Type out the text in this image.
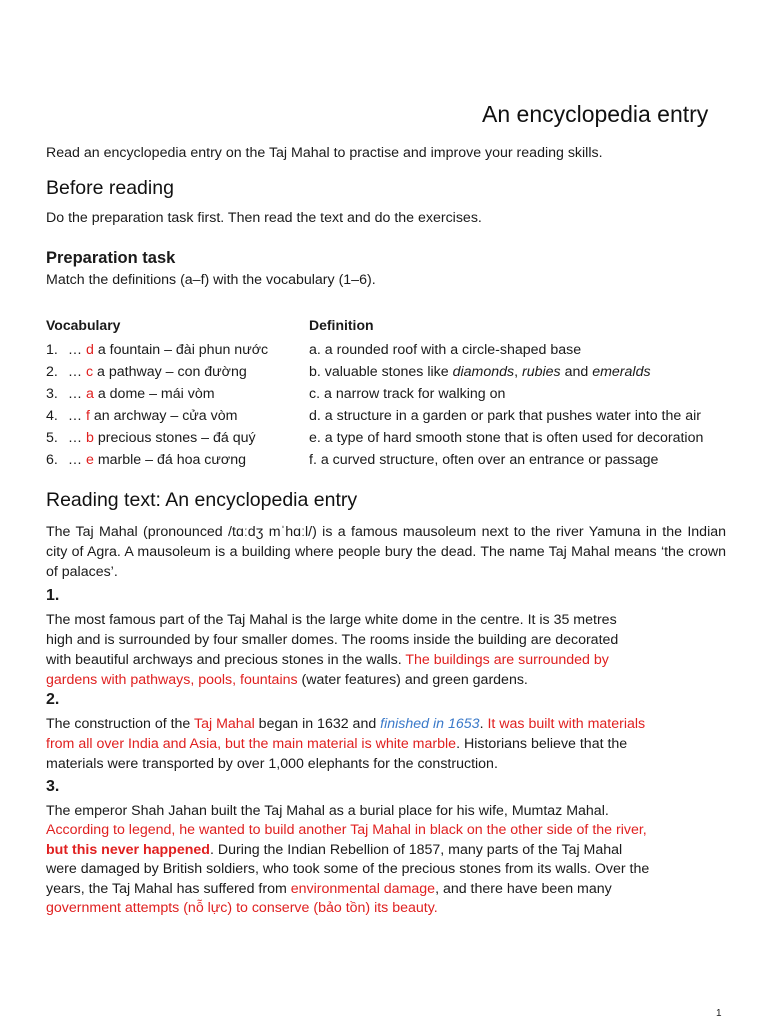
An encyclopedia entry
Read an encyclopedia entry on the Taj Mahal to practise and improve your reading skills.
Before reading
Do the preparation task first. Then read the text and do the exercises.
Preparation task
Match the definitions (a–f) with the vocabulary (1–6).
Vocabulary	Definition
1. … d a fountain – đài phun nước
2. … c a pathway – con đường
3. … a a dome – mái vòm
4. … f an archway – cửa vòm
5. … b precious stones – đá quý
6. … e marble – đá hoa cương
a. a rounded roof with a circle-shaped base
b. valuable stones like diamonds, rubies and emeralds
c. a narrow track for walking on
d. a structure in a garden or park that pushes water into the air
e. a type of hard smooth stone that is often used for decoration
f. a curved structure, often over an entrance or passage
Reading text: An encyclopedia entry
The Taj Mahal (pronounced /tɑːdʒ mˈhɑːl/) is a famous mausoleum next to the river Yamuna in the Indian city of Agra. A mausoleum is a building where people bury the dead. The name Taj Mahal means ‘the crown of palaces’.
1.
The most famous part of the Taj Mahal is the large white dome in the centre. It is 35 metres
high and is surrounded by four smaller domes. The rooms inside the building are decorated
with beautiful archways and precious stones in the walls. The buildings are surrounded by
gardens with pathways, pools, fountains (water features) and green gardens.
2.
The construction of the Taj Mahal began in 1632 and finished in 1653. It was built with materials
from all over India and Asia, but the main material is white marble. Historians believe that the
materials were transported by over 1,000 elephants for the construction.
3.
The emperor Shah Jahan built the Taj Mahal as a burial place for his wife, Mumtaz Mahal.
According to legend, he wanted to build another Taj Mahal in black on the other side of the river,
but this never happened. During the Indian Rebellion of 1857, many parts of the Taj Mahal
were damaged by British soldiers, who took some of the precious stones from its walls. Over the
years, the Taj Mahal has suffered from environmental damage, and there have been many
government attempts (nỗ lực) to conserve (bảo tồn) its beauty.
1
